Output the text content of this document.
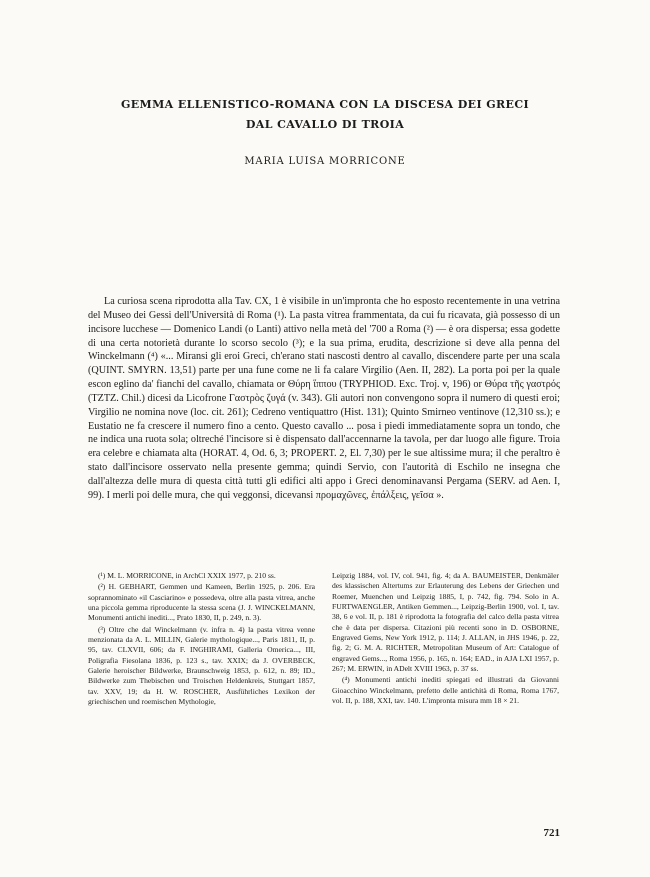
GEMMA ELLENISTICO-ROMANA CON LA DISCESA DEI GRECI
DAL CAVALLO DI TROIA
MARIA LUISA MORRICONE

La curiosa scena riprodotta alla Tav. CX, 1 è visibile in un'impronta che ho esposto recentemente in una vetrina del Museo dei Gessi dell'Università di Roma (¹). La pasta vitrea frammentata, da cui fu ricavata, già possesso di un incisore lucchese — Domenico Landi (o Lanti) attivo nella metà del '700 a Roma (²) — è ora dispersa; essa godette di una certa notorietà durante lo scorso secolo (³); e la sua prima, erudita, descrizione si deve alla penna del Winckelmann (⁴) «... Miransi gli eroi Greci, ch'erano stati nascosti dentro al cavallo, discendere parte per una scala (QUINT. SMYRN. 13,51) parte per una fune come ne li fa calare Virgilio (Aen. II, 282). La porta poi per la quale escon eglino da' fianchi del cavallo, chiamata or Θύρη ἵππου (TRYPHIOD. Exc. Troj. v, 196) or Θύρα τῆς γαστρός (TZTZ. Chil.) dicesi da Licofrone Γαστρὸς ζυγά (v. 343). Gli autori non convengono sopra il numero di questi eroi; Virgilio ne nomina nove (loc. cit. 261); Cedreno ventiquattro (Hist. 131); Quinto Smirneo ventinove (12,310 ss.); e Eustatio ne fa crescere il numero fino a cento. Questo cavallo ... posa i piedi immediatamente sopra un tondo, che ne indica una ruota sola; oltreché l'incisore si è dispensato dall'accennarne la tavola, per dar luogo alle figure. Troia era celebre e chiamata alta (HORAT. 4, Od. 6, 3; PROPERT. 2, El. 7,30) per le sue altissime mura; il che peraltro è stato dall'incisore osservato nella presente gemma; quindi Servio, con l'autorità di Eschilo ne insegna che dall'altezza delle mura di questa città tutti gli edifici alti appo i Greci denominavansi Pergama (SERV. ad Aen. I, 99). I merli poi delle mura, che qui veggonsi, dicevansi προμαχῶνες, ἐπάλξεις, γεῖσα ».

(¹) M. L. MORRICONE, in ArchCl XXIX 1977, p. 210 ss.

(²) H. GEBHART, Gemmen und Kameen, Berlin 1925, p. 206. Era soprannominato «il Casciarino» e possedeva, oltre alla pasta vitrea, anche una piccola gemma riproducente la stessa scena (J. J. WINCKELMANN, Monumenti antichi inediti..., Prato 1830, II, p. 249, n. 3).

(³) Oltre che dal Winckelmann (v. infra n. 4) la pasta vitrea venne menzionata da A. L. MILLIN, Galerie mythologique..., Paris 1811, II, p. 95, tav. CLXVII, 606; da F. INGHIRAMI, Galleria Omerica..., III, Poligrafia Fiesolana 1836, p. 123 s., tav. XXIX; da J. OVERBECK, Galerie heroischer Bildwerke, Braunschweig 1853, p. 612, n. 89; ID., Bildwerke zum Thebischen und Troischen Heldenkreis, Stuttgart 1857, tav. XXV, 19; da H. W. ROSCHER, Ausführliches Lexikon der griechischen und roemischen Mythologie,

Leipzig 1884, vol. IV, col. 941, fig. 4; da A. BAUMEISTER, Denkmäler des klassischen Altertums zur Erlauterung des Lebens der Griechen und Roemer, Muenchen und Leipzig 1885, I, p. 742, fig. 794. Solo in A. FURTWAENGLER, Antiken Gemmen..., Leipzig-Berlin 1900, vol. I, tav. 38, 6 e vol. II, p. 181 è riprodotta la fotografia del calco della pasta vitrea che è data per dispersa. Citazioni più recenti sono in D. OSBORNE, Engraved Gems, New York 1912, p. 114; J. ALLAN, in JHS 1946, p. 22, fig. 2; G. M. A. RICHTER, Metropolitan Museum of Art: Catalogue of engraved Gems..., Roma 1956, p. 165, n. 164; EAD., in AJA LXI 1957, p. 267; M. ERWIN, in ADelt XVIII 1963, p. 37 ss.

(⁴) Monumenti antichi inediti spiegati ed illustrati da Giovanni Gioacchino Winckelmann, prefetto delle antichità di Roma, Roma 1767, vol. II, p. 188, XXI, tav. 140. L'impronta misura mm 18 × 21.

721
